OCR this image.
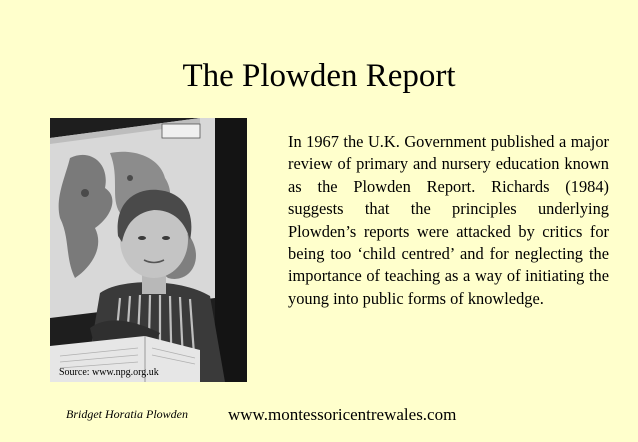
The Plowden Report
Source: www.npg.org.uk
In 1967 the U.K. Government published a major review of primary and nursery education known as the Plowden Report. Richards (1984) suggests that the principles underlying Plowden’s reports were attacked by critics for being too ‘child centred’ and for neglecting the importance of teaching as a way of initiating the young into public forms of knowledge.
Bridget Horatia Plowden www.montessoricentrewales.com
